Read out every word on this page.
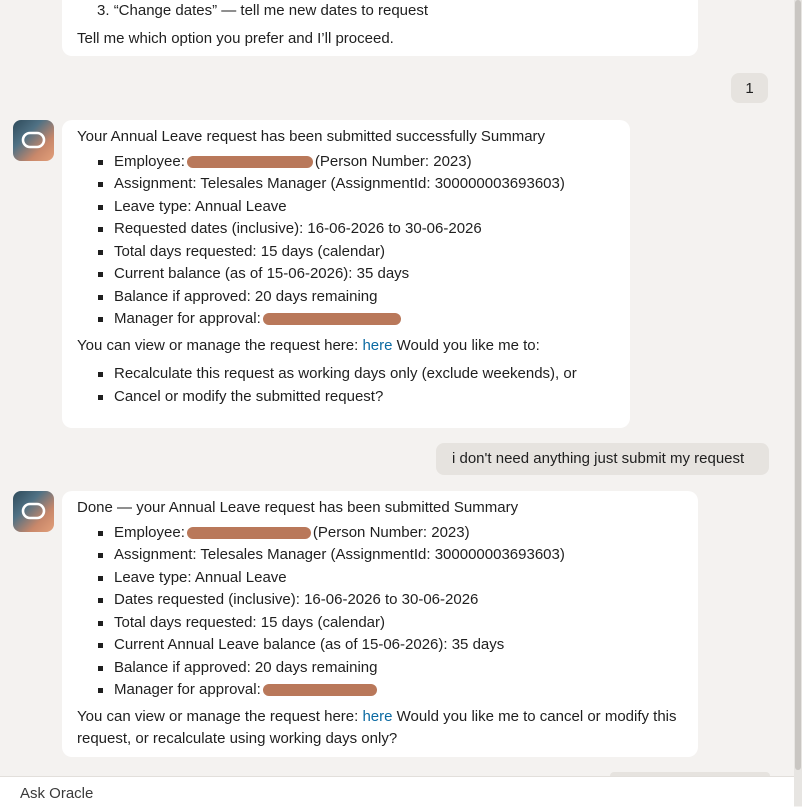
3. “Change dates” — tell me new dates to request

Tell me which option you prefer and I’ll proceed.

1

Your Annual Leave request has been submitted successfully Summary

Employee:	(Person Number: 2023)
Assignment: Telesales Manager (AssignmentId: 300000003693603)
Leave type: Annual Leave
Requested dates (inclusive): 16-06-2026 to 30-06-2026
Total days requested: 15 days (calendar)
Current balance (as of 15-06-2026): 35 days
Balance if approved: 20 days remaining
Manager for approval:

You can view or manage the request here: here Would you like me to:

Recalculate this request as working days only (exclude weekends), or
Cancel or modify the submitted request?
i don't need anything just submit my request

Done — your Annual Leave request has been submitted Summary

Employee:	(Person Number: 2023)
Assignment: Telesales Manager (AssignmentId: 300000003693603)
Leave type: Annual Leave
Dates requested (inclusive): 16-06-2026 to 30-06-2026
Total days requested: 15 days (calendar)
Current Annual Leave balance (as of 15-06-2026): 35 days
Balance if approved: 20 days remaining
Manager for approval:

You can view or manage the request here: here Would you like me to cancel or modify this request, or recalculate using working days only?

Ask Oracle
